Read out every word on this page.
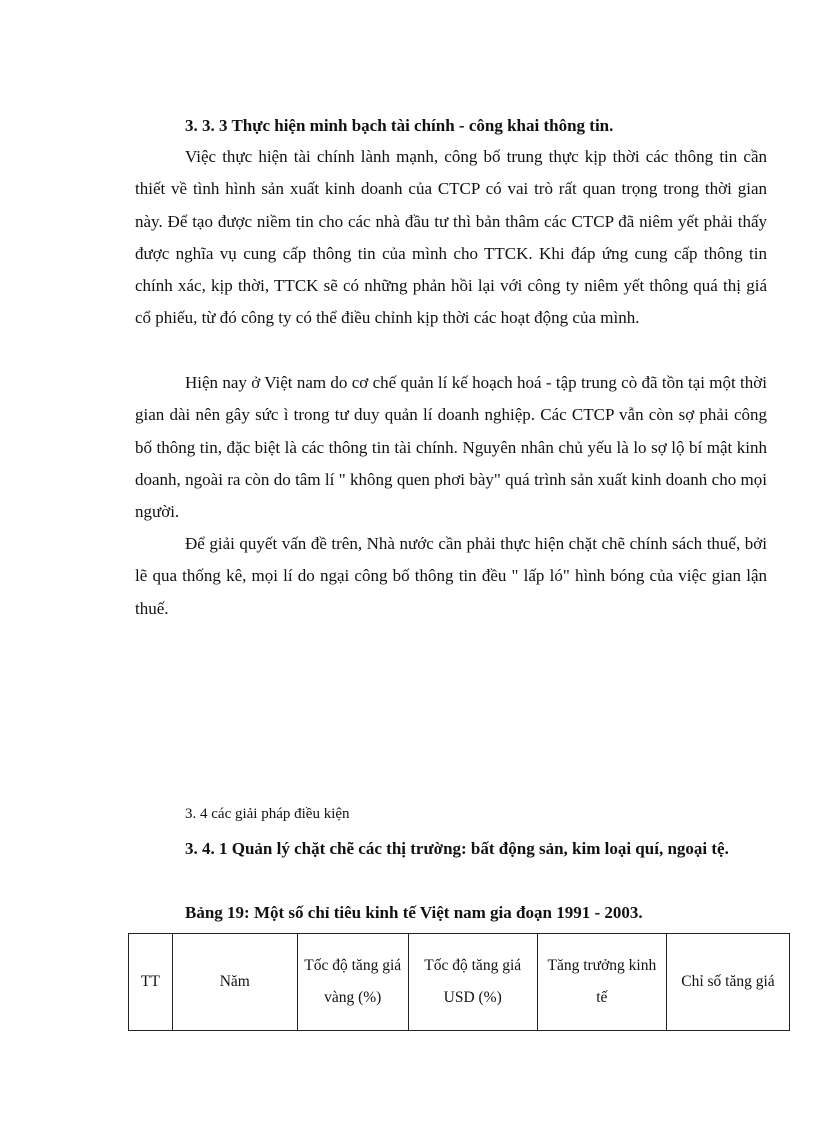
3. 3. 3 Thực hiện minh bạch tài chính - công khai thông tin.

Việc thực hiện tài chính lành mạnh, công bố trung thực kịp thời các thông tin cần thiết về tình hình sản xuất kinh doanh của CTCP có vai trò rất quan trọng trong thời gian này. Để tạo được niềm tin cho các nhà đầu tư thì bản thâm các CTCP đã niêm yết phải thấy được nghĩa vụ cung cấp thông tin của mình cho TTCK. Khi đáp ứng cung cấp thông tin chính xác, kịp thời, TTCK sẽ có những phản hồi lại với công ty niêm yết thông quá thị giá cổ phiếu, từ đó công ty có thể điều chỉnh kịp thời các hoạt động của mình.

Hiện nay ở Việt nam do cơ chế quản lí kế hoạch hoá - tập trung cò đã tồn tại một thời gian dài nên gây sức ì trong tư duy quản lí doanh nghiệp. Các CTCP vẫn còn sợ phải công bố thông tin, đặc biệt là các thông tin tài chính. Nguyên nhân chủ yếu là lo sợ lộ bí mật kinh doanh, ngoài ra còn do tâm lí " không quen phơi bày" quá trình sản xuất kinh doanh cho mọi người.

Để giải quyết vấn đề trên, Nhà nước cần phải thực hiện chặt chẽ chính sách thuế, bởi lẽ qua thống kê, mọi lí do ngại công bố thông tin đều " lấp ló" hình bóng của việc gian lận thuế.

3. 4 các giải pháp điều kiện

3. 4. 1 Quản lý chặt chẽ các thị trường: bất động sản, kim loại quí, ngoại tệ.

Bảng 19: Một số chỉ tiêu kinh tế Việt nam gia đoạn 1991 - 2003.
TT	Năm	Tốc độ tăng giá vàng (%)	Tốc độ tăng giá USD (%)	Tăng trưởng kinh tế	Chỉ số tăng giá
